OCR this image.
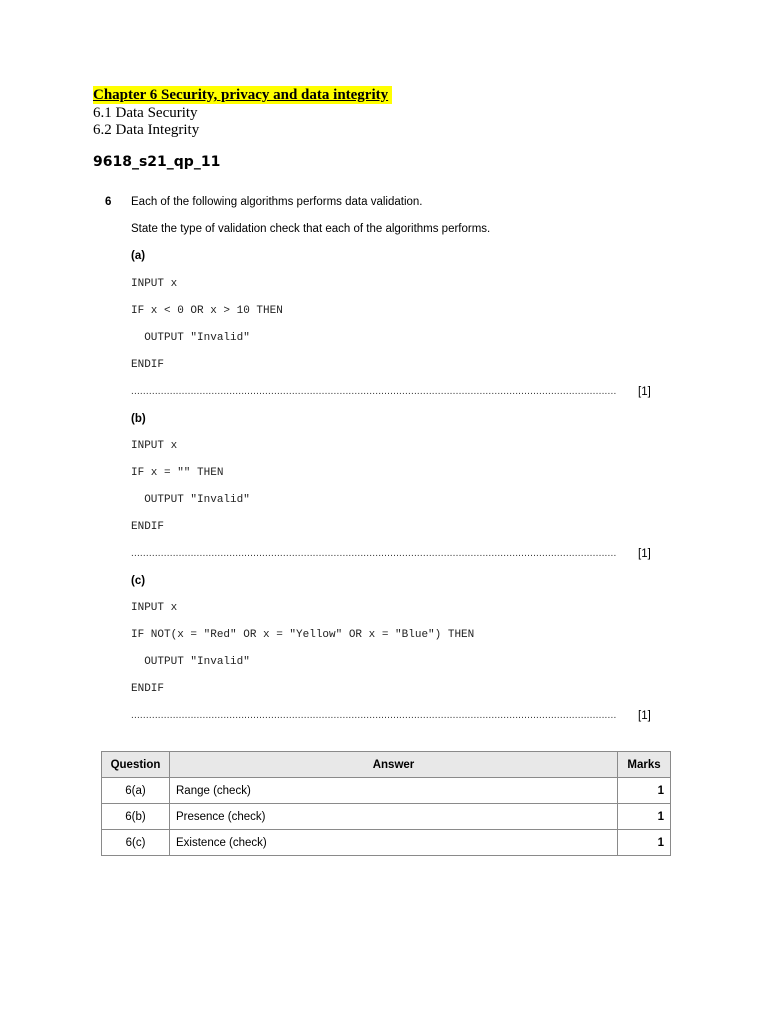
Chapter 6 Security, privacy and data integrity
6.1 Data Security
6.2 Data Integrity
9618_s21_qp_11
6 Each of the following algorithms performs data validation.
State the type of validation check that each of the algorithms performs.
(a)
INPUT x
IF x < 0 OR x > 10 THEN
OUTPUT "Invalid"
ENDIF
...................................................................................................................................................................	[1]
(b)
INPUT x
IF x = "" THEN
OUTPUT "Invalid"
ENDIF
...................................................................................................................................................................	[1]
(c)
INPUT x
IF NOT(x = "Red" OR x = "Yellow" OR x = "Blue") THEN
OUTPUT "Invalid"
ENDIF
...................................................................................................................................................................	[1]
Question	Answer	Marks
6(a)	Range (check)	1
6(b)	Presence (check)	1
6(c)	Existence (check)	1
